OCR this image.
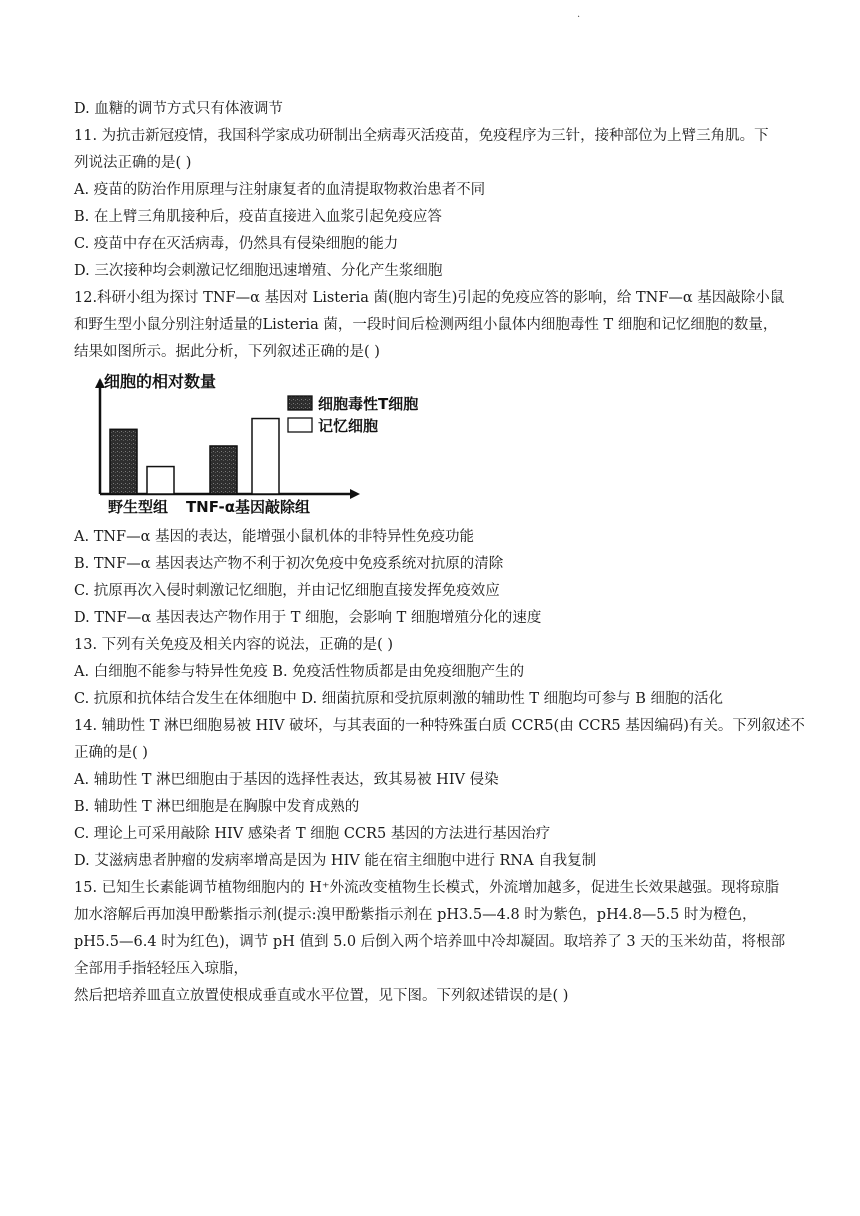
·
D. 血糖的调节方式只有体液调节
11. 为抗击新冠疫情，我国科学家成功研制出全病毒灭活疫苗，免疫程序为三针，接种部位为上臂三角肌。下
列说法正确的是( )
A. 疫苗的防治作用原理与注射康复者的血清提取物救治患者不同
B. 在上臂三角肌接种后，疫苗直接进入血浆引起免疫应答
C. 疫苗中存在灭活病毒，仍然具有侵染细胞的能力
D. 三次接种均会刺激记忆细胞迅速增殖、分化产生浆细胞
12.科研小组为探讨 TNF—α 基因对 Listeria 菌(胞内寄生)引起的免疫应答的影响，给 TNF—α 基因敲除小鼠
和野生型小鼠分别注射适量的Listeria 菌，一段时间后检测两组小鼠体内细胞毒性 T 细胞和记忆细胞的数量，
结果如图所示。据此分析，下列叙述正确的是( )
A. TNF—α 基因的表达，能增强小鼠机体的非特异性免疫功能
B. TNF—α 基因表达产物不利于初次免疫中免疫系统对抗原的清除
C. 抗原再次入侵时刺激记忆细胞，并由记忆细胞直接发挥免疫效应
D. TNF—α 基因表达产物作用于 T 细胞，会影响 T 细胞增殖分化的速度
13. 下列有关免疫及相关内容的说法，正确的是( )
A. 白细胞不能参与特异性免疫 B. 免疫活性物质都是由免疫细胞产生的
C. 抗原和抗体结合发生在体细胞中 D. 细菌抗原和受抗原刺激的辅助性 T 细胞均可参与 B 细胞的活化
14. 辅助性 T 淋巴细胞易被 HIV 破坏，与其表面的一种特殊蛋白质 CCR5(由 CCR5 基因编码)有关。下列叙述不
正确的是( )
A. 辅助性 T 淋巴细胞由于基因的选择性表达，致其易被 HIV 侵染
B. 辅助性 T 淋巴细胞是在胸腺中发育成熟的
C. 理论上可采用敲除 HIV 感染者 T 细胞 CCR5 基因的方法进行基因治疗
D. 艾滋病患者肿瘤的发病率增高是因为 HIV 能在宿主细胞中进行 RNA 自我复制
15. 已知生长素能调节植物细胞内的 H⁺外流改变植物生长模式，外流增加越多，促进生长效果越强。现将琼脂
加水溶解后再加溴甲酚紫指示剂(提示:溴甲酚紫指示剂在 pH3.5—4.8 时为紫色，pH4.8—5.5 时为橙色，
pH5.5—6.4 时为红色)，调节 pH 值到 5.0 后倒入两个培养皿中冷却凝固。取培养了 3 天的玉米幼苗，将根部
全部用手指轻轻压入琼脂，
然后把培养皿直立放置使根成垂直或水平位置，见下图。下列叙述错误的是( )
野生型组 TNF-α基因敲除组
细胞毒性T细胞
记忆细胞
细胞的相对数量
